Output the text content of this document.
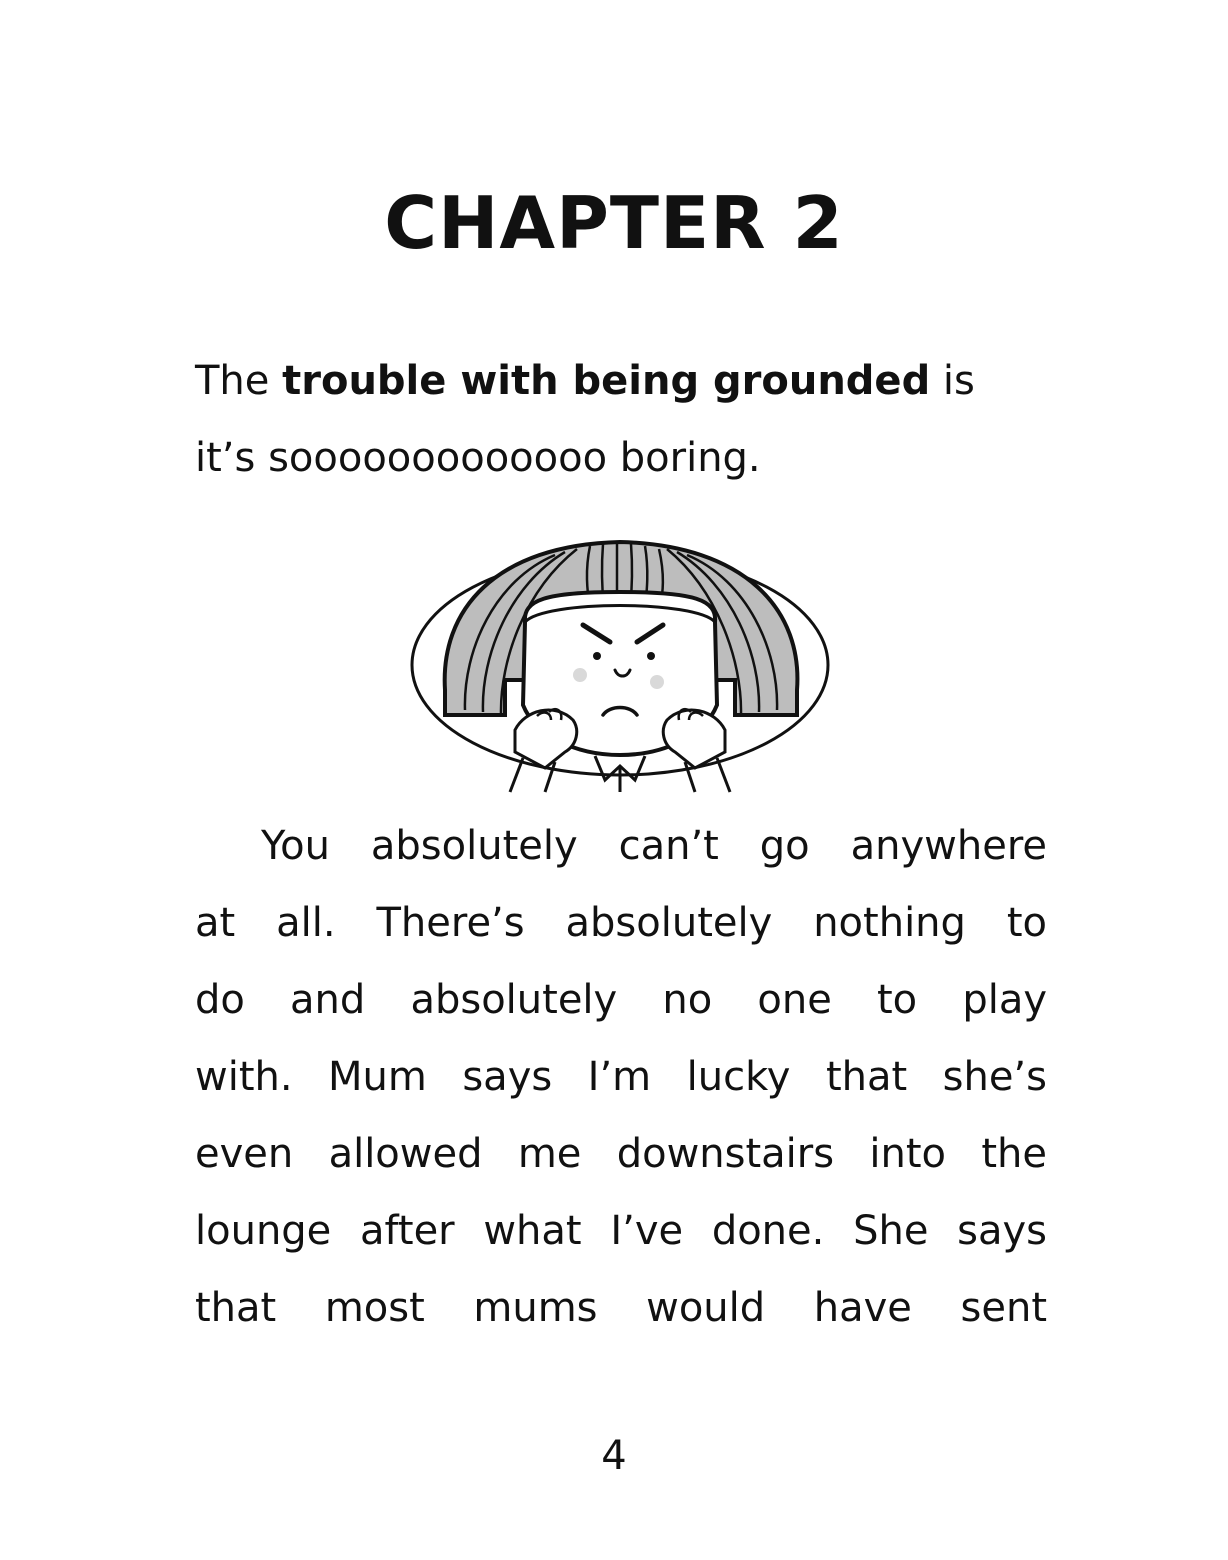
CHAPTER 2

The trouble with being grounded is
it’s sooooooooooooo boring.

You absolutely can’t go anywhere
at all. There’s absolutely nothing to
do and absolutely no one to play
with. Mum says I’m lucky that she’s
even allowed me downstairs into the
lounge after what I’ve done. She says
that most mums would have sent
4
